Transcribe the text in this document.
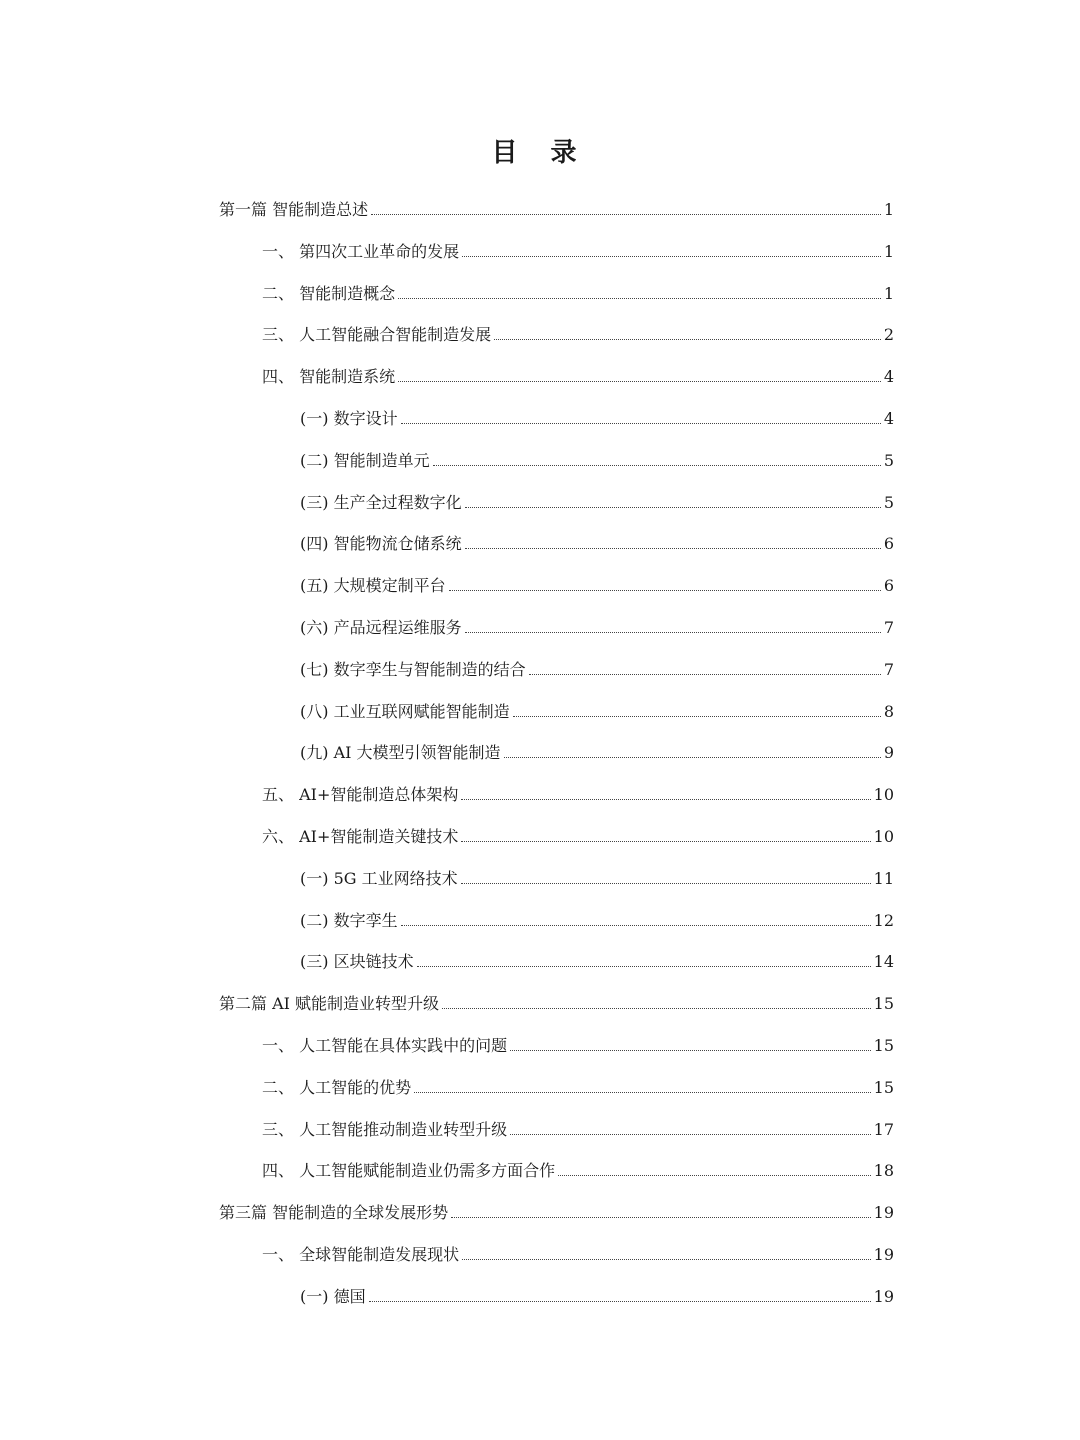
目 录
第一篇 智能制造总述	1
一、 第四次工业革命的发展	1
二、 智能制造概念	1
三、 人工智能融合智能制造发展	2
四、 智能制造系统	4
(一) 数字设计	4
(二) 智能制造单元	5
(三) 生产全过程数字化	5
(四) 智能物流仓储系统	6
(五) 大规模定制平台	6
(六) 产品远程运维服务	7
(七) 数字孪生与智能制造的结合	7
(八) 工业互联网赋能智能制造	8
(九) AI 大模型引领智能制造	9
五、 AI+智能制造总体架构	10
六、 AI+智能制造关键技术	10
(一) 5G 工业网络技术	11
(二) 数字孪生	12
(三) 区块链技术	14
第二篇 AI 赋能制造业转型升级	15
一、 人工智能在具体实践中的问题	15
二、 人工智能的优势	15
三、 人工智能推动制造业转型升级	17
四、 人工智能赋能制造业仍需多方面合作	18
第三篇 智能制造的全球发展形势	19
一、 全球智能制造发展现状	19
(一) 德国	19
